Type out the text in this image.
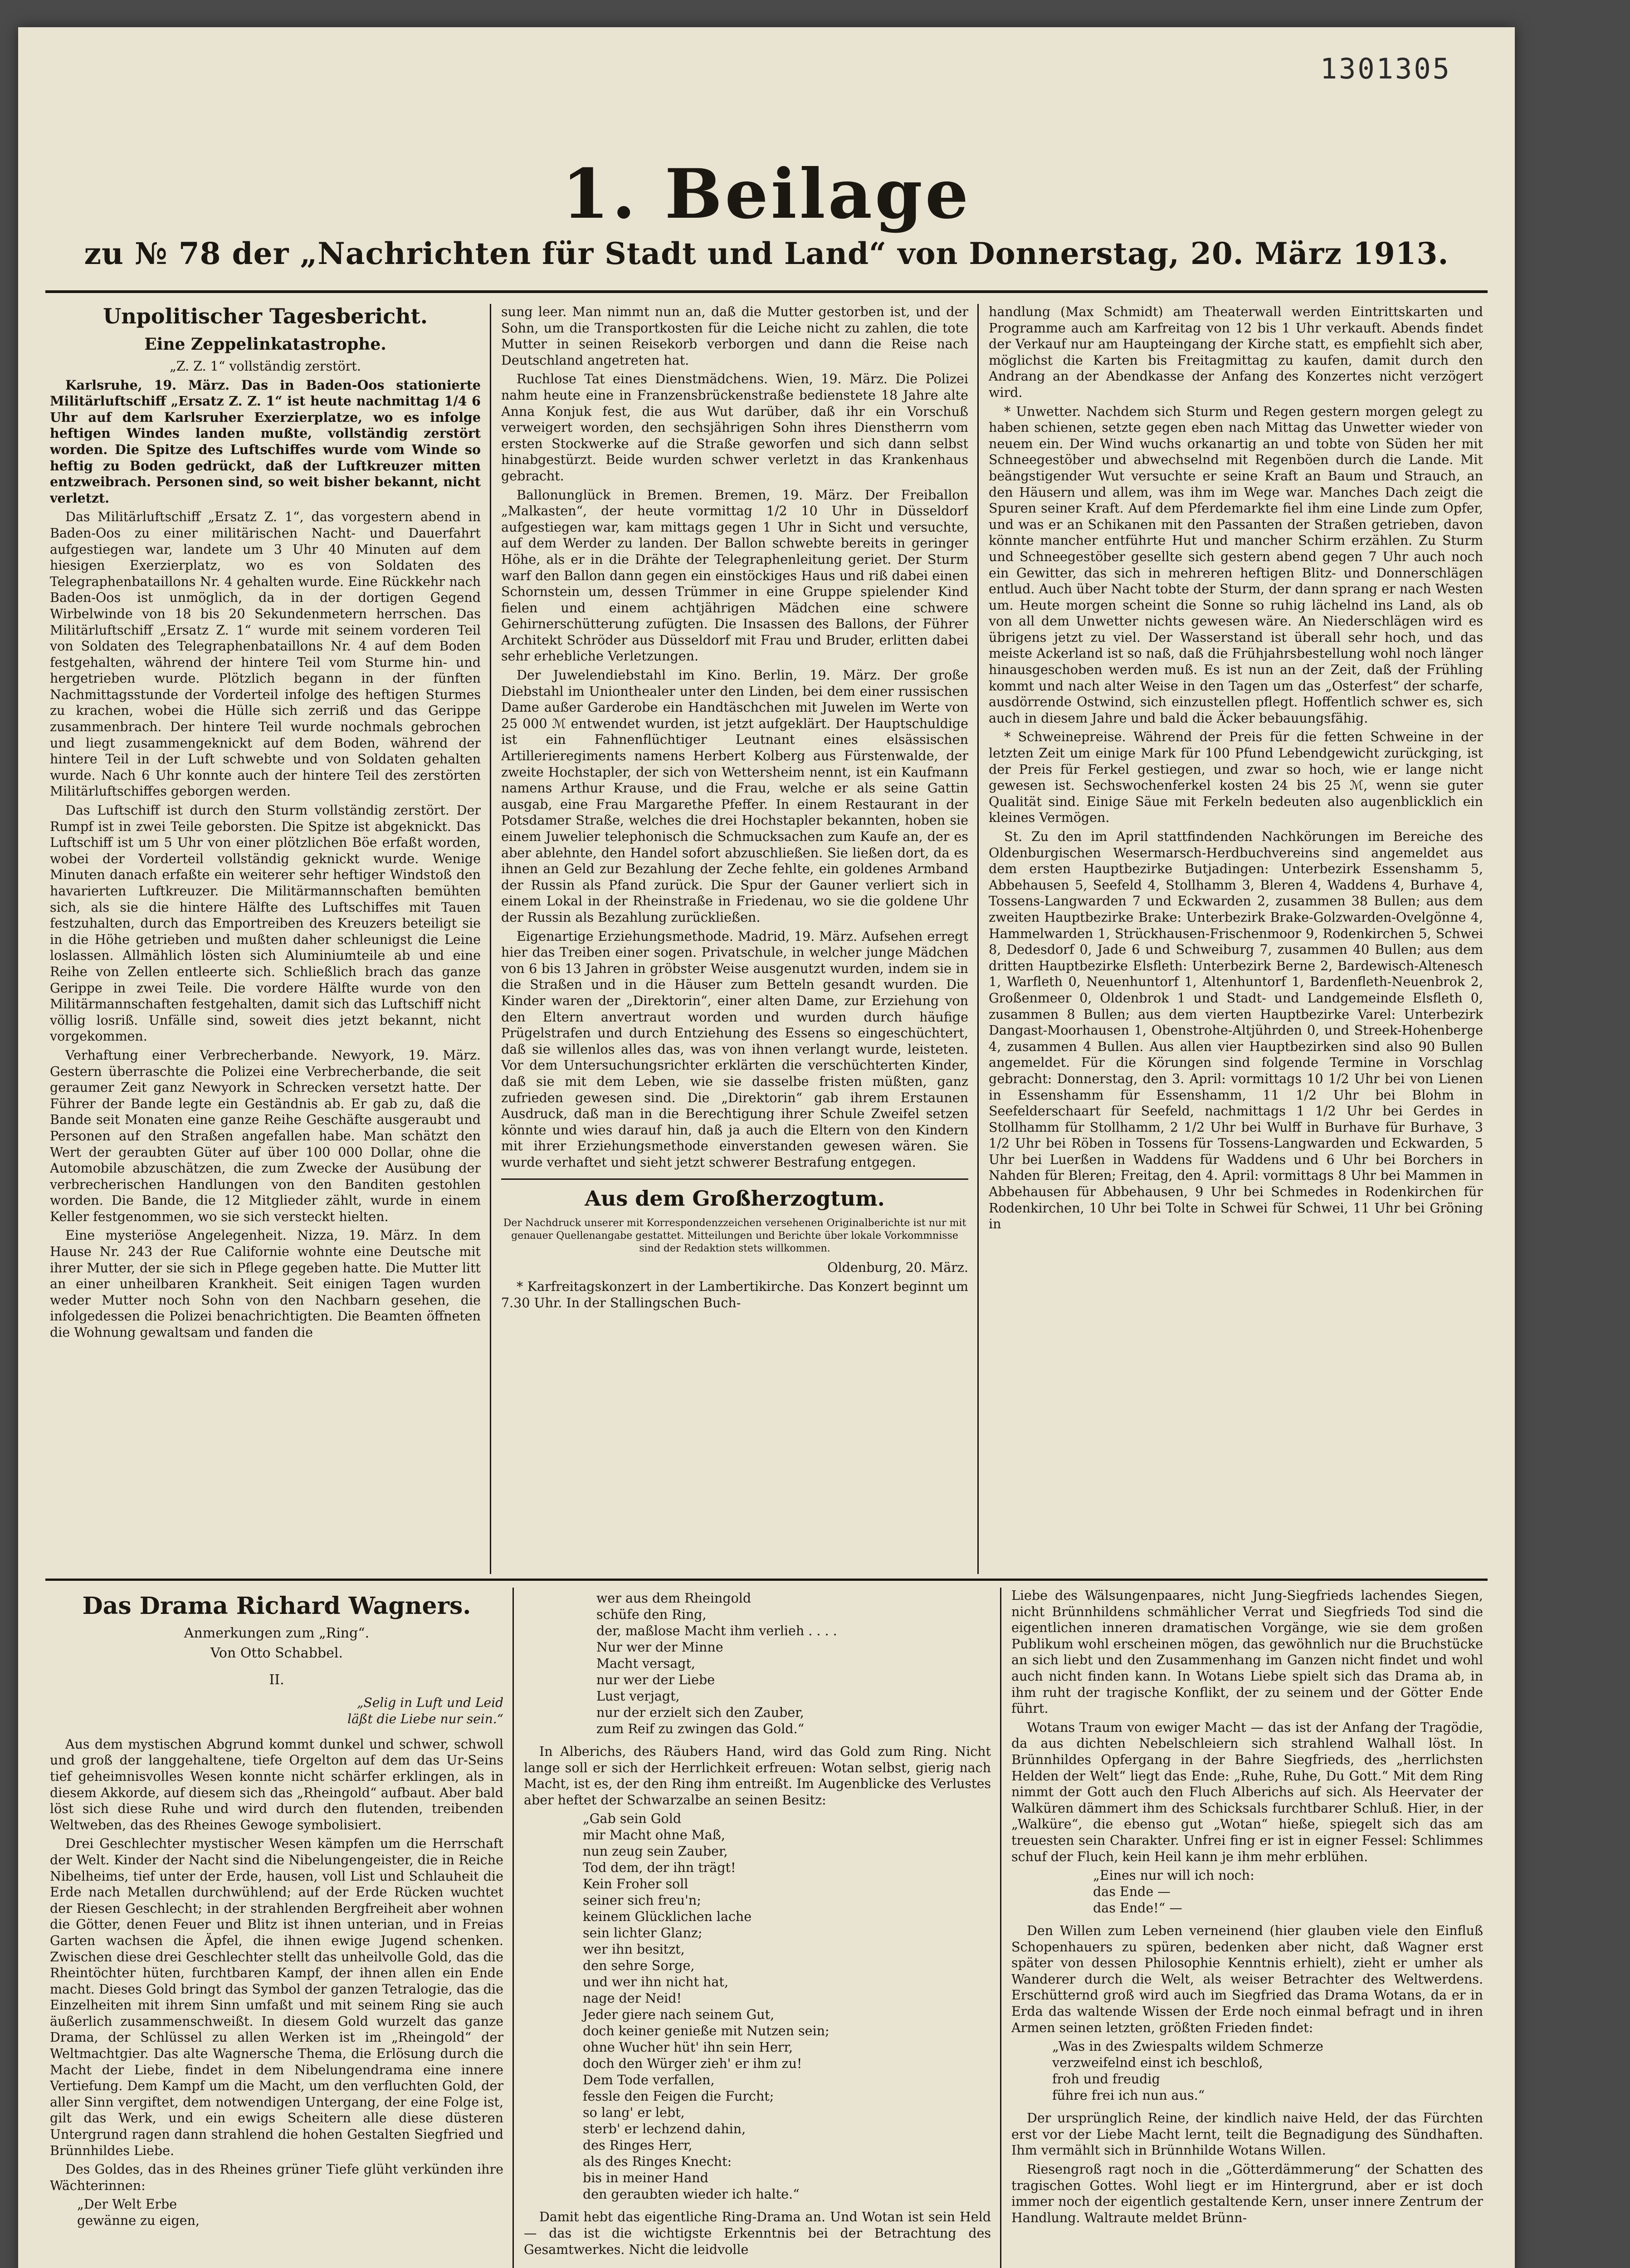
1301305
1. Beilage
zu № 78 der „Nachrichten für Stadt und Land“ von Donnerstag, 20. März 1913.
Unpolitischer Tagesbericht.
Eine Zeppelinkatastrophe.

„Z. Z. 1“ vollständig zerstört.

Karlsruhe, 19. März. Das in Baden-Oos stationierte Militärluftschiff „Ersatz Z. Z. 1“ ist heute nachmittag 1/4 6 Uhr auf dem Karlsruher Exerzierplatze, wo es infolge heftigen Windes landen mußte, vollständig zerstört worden. Die Spitze des Luftschiffes wurde vom Winde so heftig zu Boden gedrückt, daß der Luftkreuzer mitten entzweibrach. Personen sind, so weit bisher bekannt, nicht verletzt.

Das Militärluftschiff „Ersatz Z. 1“, das vorgestern abend in Baden-Oos zu einer militärischen Nacht- und Dauerfahrt aufgestiegen war, landete um 3 Uhr 40 Minuten auf dem hiesigen Exerzierplatz, wo es von Soldaten des Telegraphenbataillons Nr. 4 gehalten wurde. Eine Rückkehr nach Baden-Oos ist unmöglich, da in der dortigen Gegend Wirbelwinde von 18 bis 20 Sekundenmetern herrschen. Das Militärluftschiff „Ersatz Z. 1“ wurde mit seinem vorderen Teil von Soldaten des Telegraphenbataillons Nr. 4 auf dem Boden festgehalten, während der hintere Teil vom Sturme hin- und hergetrieben wurde. Plötzlich begann in der fünften Nachmittagsstunde der Vorderteil infolge des heftigen Sturmes zu krachen, wobei die Hülle sich zerriß und das Gerippe zusammenbrach. Der hintere Teil wurde nochmals gebrochen und liegt zusammengeknickt auf dem Boden, während der hintere Teil in der Luft schwebte und von Soldaten gehalten wurde. Nach 6 Uhr konnte auch der hintere Teil des zerstörten Militärluftschiffes geborgen werden.

Das Luftschiff ist durch den Sturm vollständig zerstört. Der Rumpf ist in zwei Teile geborsten. Die Spitze ist abgeknickt. Das Luftschiff ist um 5 Uhr von einer plötzlichen Böe erfaßt worden, wobei der Vorderteil vollständig geknickt wurde. Wenige Minuten danach erfaßte ein weiterer sehr heftiger Windstoß den havarierten Luftkreuzer. Die Militärmannschaften bemühten sich, als sie die hintere Hälfte des Luftschiffes mit Tauen festzuhalten, durch das Emportreiben des Kreuzers beteiligt sie in die Höhe getrieben und mußten daher schleunigst die Leine loslassen. Allmählich lösten sich Aluminiumteile ab und eine Reihe von Zellen entleerte sich. Schließlich brach das ganze Gerippe in zwei Teile. Die vordere Hälfte wurde von den Militärmannschaften festgehalten, damit sich das Luftschiff nicht völlig losriß. Unfälle sind, soweit dies jetzt bekannt, nicht vorgekommen.

Verhaftung einer Verbrecherbande. Newyork, 19. März. Gestern überraschte die Polizei eine Verbrecherbande, die seit geraumer Zeit ganz Newyork in Schrecken versetzt hatte. Der Führer der Bande legte ein Geständnis ab. Er gab zu, daß die Bande seit Monaten eine ganze Reihe Geschäfte ausgeraubt und Personen auf den Straßen angefallen habe. Man schätzt den Wert der geraubten Güter auf über 100 000 Dollar, ohne die Automobile abzuschätzen, die zum Zwecke der Ausübung der verbrecherischen Handlungen von den Banditen gestohlen worden. Die Bande, die 12 Mitglieder zählt, wurde in einem Keller festgenommen, wo sie sich versteckt hielten.

Eine mysteriöse Angelegenheit. Nizza, 19. März. In dem Hause Nr. 243 der Rue Californie wohnte eine Deutsche mit ihrer Mutter, der sie sich in Pflege gegeben hatte. Die Mutter litt an einer unheilbaren Krankheit. Seit einigen Tagen wurden weder Mutter noch Sohn von den Nachbarn gesehen, die infolgedessen die Polizei benachrichtigten. Die Beamten öffneten die Wohnung gewaltsam und fanden die

sung leer. Man nimmt nun an, daß die Mutter gestorben ist, und der Sohn, um die Transportkosten für die Leiche nicht zu zahlen, die tote Mutter in seinen Reisekorb verborgen und dann die Reise nach Deutschland angetreten hat.

Ruchlose Tat eines Dienstmädchens. Wien, 19. März. Die Polizei nahm heute eine in Franzensbrückenstraße bedienstete 18 Jahre alte Anna Konjuk fest, die aus Wut darüber, daß ihr ein Vorschuß verweigert worden, den sechsjährigen Sohn ihres Dienstherrn vom ersten Stockwerke auf die Straße geworfen und sich dann selbst hinabgestürzt. Beide wurden schwer verletzt in das Krankenhaus gebracht.

Ballonunglück in Bremen. Bremen, 19. März. Der Freiballon „Malkasten“, der heute vormittag 1/2 10 Uhr in Düsseldorf aufgestiegen war, kam mittags gegen 1 Uhr in Sicht und versuchte, auf dem Werder zu landen. Der Ballon schwebte bereits in geringer Höhe, als er in die Drähte der Telegraphenleitung geriet. Der Sturm warf den Ballon dann gegen ein einstöckiges Haus und riß dabei einen Schornstein um, dessen Trümmer in eine Gruppe spielender Kind fielen und einem achtjährigen Mädchen eine schwere Gehirnerschütterung zufügten. Die Insassen des Ballons, der Führer Architekt Schröder aus Düsseldorf mit Frau und Bruder, erlitten dabei sehr erhebliche Verletzungen.

Der Juwelendiebstahl im Kino. Berlin, 19. März. Der große Diebstahl im Unionthealer unter den Linden, bei dem einer russischen Dame außer Garderobe ein Handtäschchen mit Juwelen im Werte von 25 000 ℳ entwendet wurden, ist jetzt aufgeklärt. Der Hauptschuldige ist ein Fahnenflüchtiger Leutnant eines elsässischen Artillerieregiments namens Herbert Kolberg aus Fürstenwalde, der zweite Hochstapler, der sich von Wettersheim nennt, ist ein Kaufmann namens Arthur Krause, und die Frau, welche er als seine Gattin ausgab, eine Frau Margarethe Pfeffer. In einem Restaurant in der Potsdamer Straße, welches die drei Hochstapler bekannten, hoben sie einem Juwelier telephonisch die Schmucksachen zum Kaufe an, der es aber ablehnte, den Handel sofort abzuschließen. Sie ließen dort, da es ihnen an Geld zur Bezahlung der Zeche fehlte, ein goldenes Armband der Russin als Pfand zurück. Die Spur der Gauner verliert sich in einem Lokal in der Rheinstraße in Friedenau, wo sie die goldene Uhr der Russin als Bezahlung zurückließen.

Eigenartige Erziehungsmethode. Madrid, 19. März. Aufsehen erregt hier das Treiben einer sogen. Privatschule, in welcher junge Mädchen von 6 bis 13 Jahren in gröbster Weise ausgenutzt wurden, indem sie in die Straßen und in die Häuser zum Betteln gesandt wurden. Die Kinder waren der „Direktorin“, einer alten Dame, zur Erziehung von den Eltern anvertraut worden und wurden durch häufige Prügelstrafen und durch Entziehung des Essens so eingeschüchtert, daß sie willenlos alles das, was von ihnen verlangt wurde, leisteten. Vor dem Untersuchungsrichter erklärten die verschüchterten Kinder, daß sie mit dem Leben, wie sie dasselbe fristen müßten, ganz zufrieden gewesen sind. Die „Direktorin“ gab ihrem Erstaunen Ausdruck, daß man in die Berechtigung ihrer Schule Zweifel setzen könnte und wies darauf hin, daß ja auch die Eltern von den Kindern mit ihrer Erziehungsmethode einverstanden gewesen wären. Sie wurde verhaftet und sieht jetzt schwerer Bestrafung entgegen.

Aus dem Großherzogtum.

Der Nachdruck unserer mit Korrespondenzzeichen versehenen Originalberichte ist nur mit genauer Quellenangabe gestattet. Mitteilungen und Berichte über lokale Vorkommnisse sind der Redaktion stets willkommen.

Oldenburg, 20. März.

* Karfreitagskonzert in der Lambertikirche. Das Konzert beginnt um 7.30 Uhr. In der Stallingschen Buch-

handlung (Max Schmidt) am Theaterwall werden Eintrittskarten und Programme auch am Karfreitag von 12 bis 1 Uhr verkauft. Abends findet der Verkauf nur am Haupteingang der Kirche statt, es empfiehlt sich aber, möglichst die Karten bis Freitagmittag zu kaufen, damit durch den Andrang an der Abendkasse der Anfang des Konzertes nicht verzögert wird.

* Unwetter. Nachdem sich Sturm und Regen gestern morgen gelegt zu haben schienen, setzte gegen eben nach Mittag das Unwetter wieder von neuem ein. Der Wind wuchs orkanartig an und tobte von Süden her mit Schneegestöber und abwechselnd mit Regenböen durch die Lande. Mit beängstigender Wut versuchte er seine Kraft an Baum und Strauch, an den Häusern und allem, was ihm im Wege war. Manches Dach zeigt die Spuren seiner Kraft. Auf dem Pferdemarkte fiel ihm eine Linde zum Opfer, und was er an Schikanen mit den Passanten der Straßen getrieben, davon könnte mancher entführte Hut und mancher Schirm erzählen. Zu Sturm und Schneegestöber gesellte sich gestern abend gegen 7 Uhr auch noch ein Gewitter, das sich in mehreren heftigen Blitz- und Donnerschlägen entlud. Auch über Nacht tobte der Sturm, der dann sprang er nach Westen um. Heute morgen scheint die Sonne so ruhig lächelnd ins Land, als ob von all dem Unwetter nichts gewesen wäre. An Niederschlägen wird es übrigens jetzt zu viel. Der Wasserstand ist überall sehr hoch, und das meiste Ackerland ist so naß, daß die Frühjahrsbestellung wohl noch länger hinausgeschoben werden muß. Es ist nun an der Zeit, daß der Frühling kommt und nach alter Weise in den Tagen um das „Osterfest“ der scharfe, ausdörrende Ostwind, sich einzustellen pflegt. Hoffentlich schwer es, sich auch in diesem Jahre und bald die Äcker bebauungsfähig.

* Schweinepreise. Während der Preis für die fetten Schweine in der letzten Zeit um einige Mark für 100 Pfund Lebendgewicht zurückging, ist der Preis für Ferkel gestiegen, und zwar so hoch, wie er lange nicht gewesen ist. Sechswochenferkel kosten 24 bis 25 ℳ, wenn sie guter Qualität sind. Einige Säue mit Ferkeln bedeuten also augenblicklich ein kleines Vermögen.

St. Zu den im April stattfindenden Nachkörungen im Bereiche des Oldenburgischen Wesermarsch-Herdbuchvereins sind angemeldet aus dem ersten Hauptbezirke Butjadingen: Unterbezirk Essenshamm 5, Abbehausen 5, Seefeld 4, Stollhamm 3, Bleren 4, Waddens 4, Burhave 4, Tossens-Langwarden 7 und Eckwarden 2, zusammen 38 Bullen; aus dem zweiten Hauptbezirke Brake: Unterbezirk Brake-Golzwarden-Ovelgönne 4, Hammelwarden 1, Strückhausen-Frischenmoor 9, Rodenkirchen 5, Schwei 8, Dedesdorf 0, Jade 6 und Schweiburg 7, zusammen 40 Bullen; aus dem dritten Hauptbezirke Elsfleth: Unterbezirk Berne 2, Bardewisch-Altenesch 1, Warfleth 0, Neuenhuntorf 1, Altenhuntorf 1, Bardenfleth-Neuenbrok 2, Großenmeer 0, Oldenbrok 1 und Stadt- und Landgemeinde Elsfleth 0, zusammen 8 Bullen; aus dem vierten Hauptbezirke Varel: Unterbezirk Dangast-Moorhausen 1, Obenstrohe-Altjührden 0, und Streek-Hohenberge 4, zusammen 4 Bullen. Aus allen vier Hauptbezirken sind also 90 Bullen angemeldet. Für die Körungen sind folgende Termine in Vorschlag gebracht: Donnerstag, den 3. April: vormittags 10 1/2 Uhr bei von Lienen in Essenshamm für Essenshamm, 11 1/2 Uhr bei Blohm in Seefelderschaart für Seefeld, nachmittags 1 1/2 Uhr bei Gerdes in Stollhamm für Stollhamm, 2 1/2 Uhr bei Wulff in Burhave für Burhave, 3 1/2 Uhr bei Röben in Tossens für Tossens-Langwarden und Eckwarden, 5 Uhr bei Luerßen in Waddens für Waddens und 6 Uhr bei Borchers in Nahden für Bleren; Freitag, den 4. April: vormittags 8 Uhr bei Mammen in Abbehausen für Abbehausen, 9 Uhr bei Schmedes in Rodenkirchen für Rodenkirchen, 10 Uhr bei Tolte in Schwei für Schwei, 11 Uhr bei Gröning in

Das Drama Richard Wagners.

Anmerkungen zum „Ring“.

Von Otto Schabbel.

II.

„Selig in Luft und Leid
läßt die Liebe nur sein.“

Aus dem mystischen Abgrund kommt dunkel und schwer, schwoll und groß der langgehaltene, tiefe Orgelton auf dem das Ur-Seins tief geheimnisvolles Wesen konnte nicht schärfer erklingen, als in diesem Akkorde, auf diesem sich das „Rheingold“ aufbaut. Aber bald löst sich diese Ruhe und wird durch den flutenden, treibenden Weltweben, das des Rheines Gewoge symbolisiert.

Drei Geschlechter mystischer Wesen kämpfen um die Herrschaft der Welt. Kinder der Nacht sind die Nibelungengeister, die in Reiche Nibelheims, tief unter der Erde, hausen, voll List und Schlauheit die Erde nach Metallen durchwühlend; auf der Erde Rücken wuchtet der Riesen Geschlecht; in der strahlenden Bergfreiheit aber wohnen die Götter, denen Feuer und Blitz ist ihnen unterian, und in Freias Garten wachsen die Äpfel, die ihnen ewige Jugend schenken. Zwischen diese drei Geschlechter stellt das unheilvolle Gold, das die Rheintöchter hüten, furchtbaren Kampf, der ihnen allen ein Ende macht. Dieses Gold bringt das Symbol der ganzen Tetralogie, das die Einzelheiten mit ihrem Sinn umfaßt und mit seinem Ring sie auch äußerlich zusammenschweißt. In diesem Gold wurzelt das ganze Drama, der Schlüssel zu allen Werken ist im „Rheingold“ der Weltmachtgier. Das alte Wagnersche Thema, die Erlösung durch die Macht der Liebe, findet in dem Nibelungendrama eine innere Vertiefung. Dem Kampf um die Macht, um den verfluchten Gold, der aller Sinn vergiftet, dem notwendigen Untergang, der eine Folge ist, gilt das Werk, und ein ewigs Scheitern alle diese düsteren Untergrund ragen dann strahlend die hohen Gestalten Siegfried und Brünnhildes Liebe.

Des Goldes, das in des Rheines grüner Tiefe glüht verkünden ihre Wächterinnen:

„Der Welt Erbe
gewänne zu eigen,
wer aus dem Rheingold
schüfe den Ring,
der, maßlose Macht ihm verlieh . . . .
Nur wer der Minne
Macht versagt,
nur wer der Liebe
Lust verjagt,
nur der erzielt sich den Zauber,
zum Reif zu zwingen das Gold.“

In Alberichs, des Räubers Hand, wird das Gold zum Ring. Nicht lange soll er sich der Herrlichkeit erfreuen: Wotan selbst, gierig nach Macht, ist es, der den Ring ihm entreißt. Im Augenblicke des Verlustes aber heftet der Schwarzalbe an seinen Besitz:

„Gab sein Gold
mir Macht ohne Maß,
nun zeug sein Zauber,
Tod dem, der ihn trägt!
Kein Froher soll
seiner sich freu'n;
keinem Glücklichen lache
sein lichter Glanz;
wer ihn besitzt,
den sehre Sorge,
und wer ihn nicht hat,
nage der Neid!
Jeder giere nach seinem Gut,
doch keiner genieße mit Nutzen sein;
ohne Wucher hüt' ihn sein Herr,
doch den Würger zieh' er ihm zu!
Dem Tode verfallen,
fessle den Feigen die Furcht;
so lang' er lebt,
sterb' er lechzend dahin,
des Ringes Herr,
als des Ringes Knecht:
bis in meiner Hand
den geraubten wieder ich halte.“

Damit hebt das eigentliche Ring-Drama an. Und Wotan ist sein Held — das ist die wichtigste Erkenntnis bei der Betrachtung des Gesamtwerkes. Nicht die leidvolle

Liebe des Wälsungenpaares, nicht Jung-Siegfrieds lachendes Siegen, nicht Brünnhildens schmählicher Verrat und Siegfrieds Tod sind die eigentlichen inneren dramatischen Vorgänge, wie sie dem großen Publikum wohl erscheinen mögen, das gewöhnlich nur die Bruchstücke an sich liebt und den Zusammenhang im Ganzen nicht findet und wohl auch nicht finden kann. In Wotans Liebe spielt sich das Drama ab, in ihm ruht der tragische Konflikt, der zu seinem und der Götter Ende führt.

Wotans Traum von ewiger Macht — das ist der Anfang der Tragödie, da aus dichten Nebelschleiern sich strahlend Walhall löst. In Brünnhildes Opfergang in der Bahre Siegfrieds, des „herrlichsten Helden der Welt“ liegt das Ende: „Ruhe, Ruhe, Du Gott.“ Mit dem Ring nimmt der Gott auch den Fluch Alberichs auf sich. Als Heervater der Walküren dämmert ihm des Schicksals furchtbarer Schluß. Hier, in der „Walküre“, die ebenso gut „Wotan“ hieße, spiegelt sich das am treuesten sein Charakter. Unfrei fing er ist in eigner Fessel: Schlimmes schuf der Fluch, kein Heil kann je ihm mehr erblühen.

„Eines nur will ich noch:
das Ende —
das Ende!“ —

Den Willen zum Leben verneinend (hier glauben viele den Einfluß Schopenhauers zu spüren, bedenken aber nicht, daß Wagner erst später von dessen Philosophie Kenntnis erhielt), zieht er umher als Wanderer durch die Welt, als weiser Betrachter des Weltwerdens. Erschütternd groß wird auch im Siegfried das Drama Wotans, da er in Erda das waltende Wissen der Erde noch einmal befragt und in ihren Armen seinen letzten, größten Frieden findet:

„Was in des Zwiespalts wildem Schmerze
verzweifelnd einst ich beschloß,
froh und freudig
führe frei ich nun aus.“

Der ursprünglich Reine, der kindlich naive Held, der das Fürchten erst vor der Liebe Macht lernt, teilt die Begnadigung des Sündhaften. Ihm vermählt sich in Brünnhilde Wotans Willen.

Riesengroß ragt noch in die „Götterdämmerung“ der Schatten des tragischen Gottes. Wohl liegt er im Hintergrund, aber er ist doch immer noch der eigentlich gestaltende Kern, unser innere Zentrum der Handlung. Waltraute meldet Brünn-
